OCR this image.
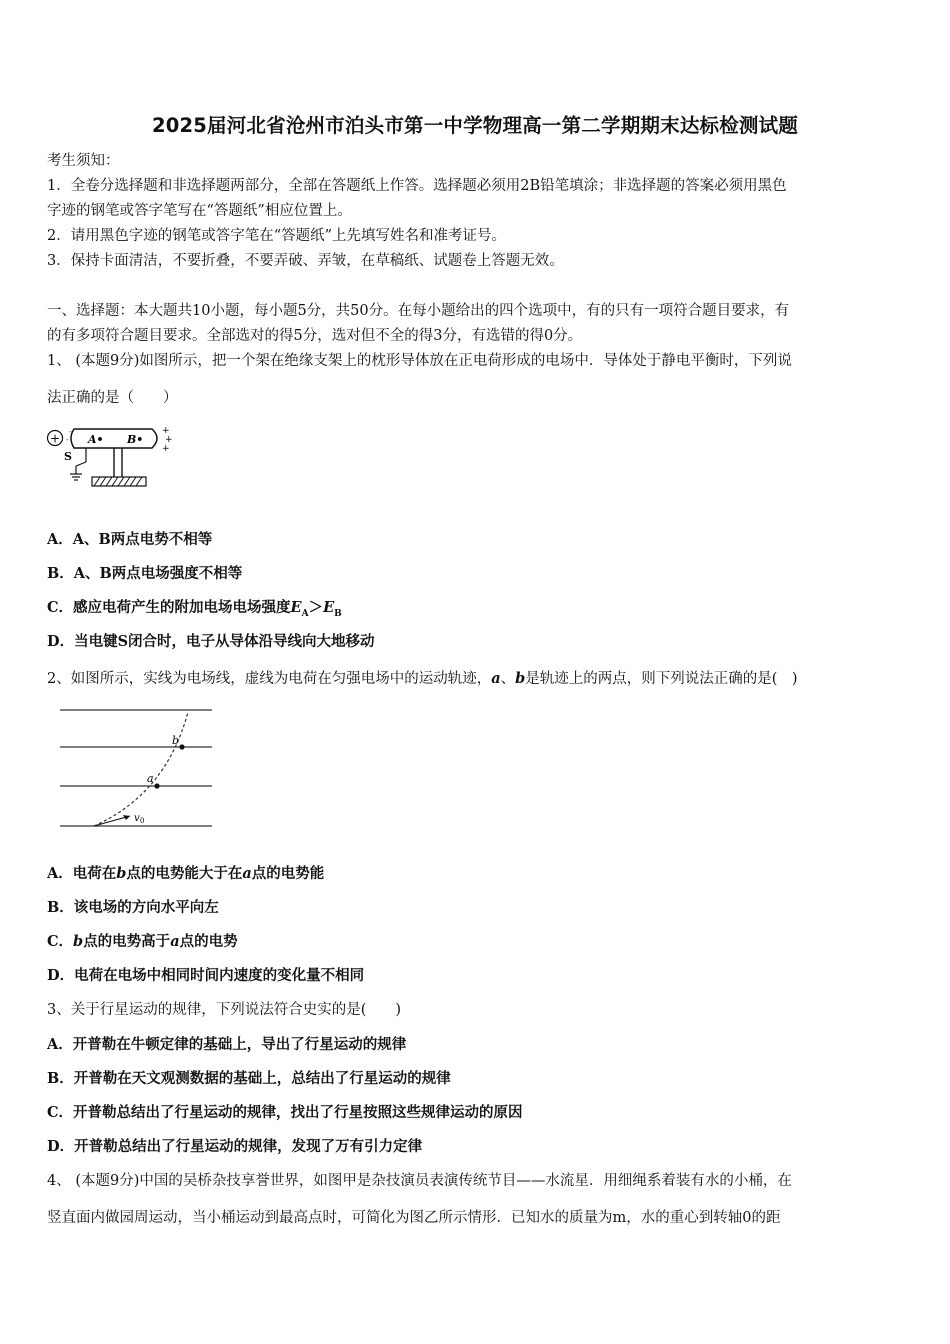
2025届河北省沧州市泊头市第一中学物理高一第二学期期末达标检测试题
考生须知：
1．全卷分选择题和非选择题两部分，全部在答题纸上作答。选择题必须用2B铅笔填涂；非选择题的答案必须用黑色
字迹的钢笔或答字笔写在“答题纸”相应位置上。
2．请用黑色字迹的钢笔或答字笔在“答题纸”上先填写姓名和准考证号。
3．保持卡面清洁，不要折叠，不要弄破、弄皱，在草稿纸、试题卷上答题无效。
一、选择题：本大题共10小题，每小题5分，共50分。在每小题给出的四个选项中，有的只有一项符合题目要求，有
的有多项符合题目要求。全部选对的得5分，选对但不全的得3分，有选错的得0分。
1、 (本题9分)如图所示，把一个架在绝缘支架上的枕形导体放在正电荷形成的电场中．导体处于静电平衡时，下列说
法正确的是（　　）
+	A• B•
+
+
+
-
-
S
A．A、B两点电势不相等
B．A、B两点电场强度不相等
C．感应电荷产生的附加电场电场强度$E_A>E_B$
D．当电键S闭合时，电子从导体沿导线向大地移动
2、如图所示，实线为电场线，虚线为电荷在匀强电场中的运动轨迹，a、b是轨迹上的两点，则下列说法正确的是(　)
a
b
v 0
A．电荷在b点的电势能大于在a点的电势能
B．该电场的方向水平向左
C．b点的电势高于a点的电势
D．电荷在电场中相同时间内速度的变化量不相同
3、关于行星运动的规律，下列说法符合史实的是(　　)
A．开普勒在牛顿定律的基础上，导出了行星运动的规律
B．开普勒在天文观测数据的基础上，总结出了行星运动的规律
C．开普勒总结出了行星运动的规律，找出了行星按照这些规律运动的原因
D．开普勒总结出了行星运动的规律，发现了万有引力定律
4、 (本题9分)中国的吴桥杂技享誉世界，如图甲是杂技演员表演传统节目——水流星．用细绳系着装有水的小桶，在
竖直面内做园周运动，当小桶运动到最高点时，可简化为图乙所示情形．已知水的质量为m，水的重心到转轴0的距
